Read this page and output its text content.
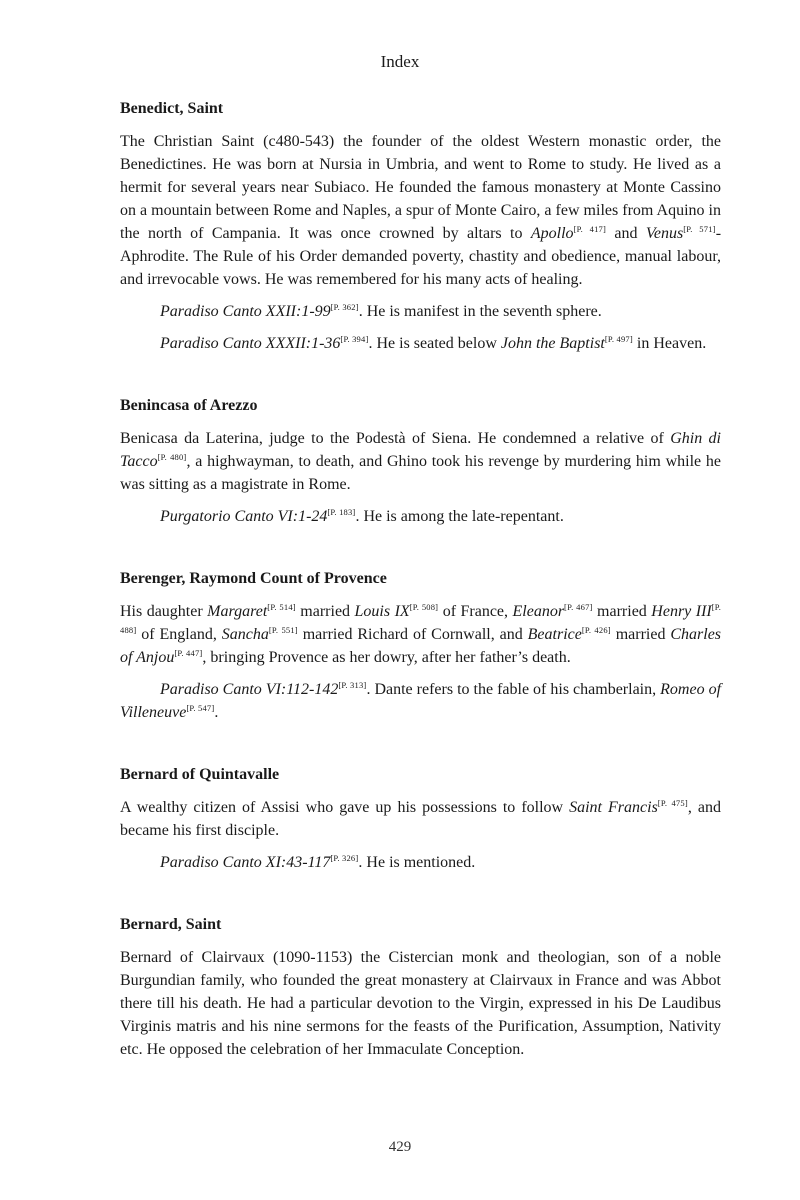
Index
Benedict, Saint

The Christian Saint (c480-543) the founder of the oldest Western monastic order, the Benedictines. He was born at Nursia in Umbria, and went to Rome to study. He lived as a hermit for several years near Subiaco. He founded the famous monastery at Monte Cassino on a mountain between Rome and Naples, a spur of Monte Cairo, a few miles from Aquino in the north of Campania. It was once crowned by altars to Apollo[P. 417] and Venus[P. 571]-Aphrodite. The Rule of his Order demanded poverty, chastity and obedience, manual labour, and irrevocable vows. He was remembered for his many acts of healing.

Paradiso Canto XXII:1-99[P. 362]. He is manifest in the seventh sphere.

Paradiso Canto XXXII:1-36[P. 394]. He is seated below John the Baptist[P. 497] in Heaven.

Benincasa of Arezzo

Benicasa da Laterina, judge to the Podestà of Siena. He condemned a relative of Ghin di Tacco[P. 480], a highwayman, to death, and Ghino took his revenge by murdering him while he was sitting as a magistrate in Rome.

Purgatorio Canto VI:1-24[P. 183]. He is among the late-repentant.

Berenger, Raymond Count of Provence

His daughter Margaret[P. 514] married Louis IX[P. 508] of France, Eleanor[P. 467] married Henry III[P. 488] of England, Sancha[P. 551] married Richard of Cornwall, and Beatrice[P. 426] married Charles of Anjou[P. 447], bringing Provence as her dowry, after her father’s death.

Paradiso Canto VI:112-142[P. 313]. Dante refers to the fable of his chamberlain, Romeo of Villeneuve[P. 547].

Bernard of Quintavalle

A wealthy citizen of Assisi who gave up his possessions to follow Saint Francis[P. 475], and became his first disciple.

Paradiso Canto XI:43-117[P. 326]. He is mentioned.

Bernard, Saint

Bernard of Clairvaux (1090-1153) the Cistercian monk and theologian, son of a noble Burgundian family, who founded the great monastery at Clairvaux in France and was Abbot there till his death. He had a particular devotion to the Virgin, expressed in his De Laudibus Virginis matris and his nine sermons for the feasts of the Purification, Assumption, Nativity etc. He opposed the celebration of her Immaculate Conception.

429
